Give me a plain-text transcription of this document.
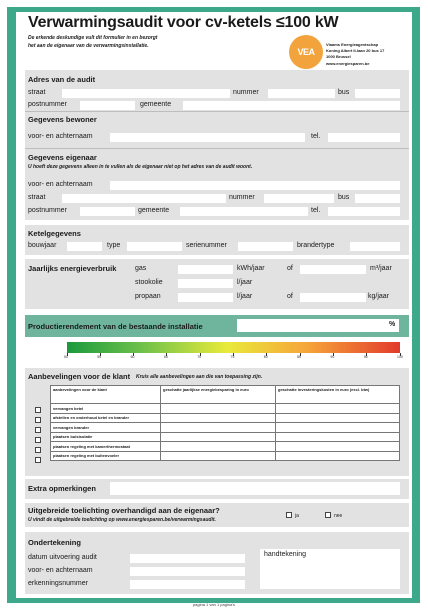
Verwarmingsaudit voor cv-ketels ≤100 kW
De erkende deskundige vult dit formulier in en bezorgt
het aan de eigenaar van de verwarmingsinstallatie.
VEA
Vlaams Energieagentschap
Koning Albert II-laan 20 bus 17
1000 Brussel
www.energiesparen.be
Adres van de audit
straat	nummer	bus
postnummer	gemeente
Gegevens bewoner
voor- en achternaam	tel.
Gegevens eigenaar
U hoeft deze gegevens alleen in te vullen als de eigenaar niet op het adres van de audit woont.
voor- en achternaam
straat	nummer	bus
postnummer	gemeente	tel.
Ketelgegevens
bouwjaar	type	serienummer	brandertype
Jaarlijks energieverbruik	gas	kWh/jaar	of	m³/jaar
stookolie	l/jaar
propaan	l/jaar	of	kg/jaar
Productierendement van de bestaande installatie	%
50	55	60	65	70	75	80	85	90	95	100
Aanbevelingen voor de klant Kruis alle aanbevelingen aan die van toepassing zijn.
aanbevelingen voor de klant	geschatte jaarlijkse energiebesparing in euro	geschatte investeringskosten in euro (excl. btw)
vervangen ketel		
afstellen en onderhoud ketel en brander		
vervangen brander		
plaatsen buisisolatie		
plaatsen regeling met kamerthermostaat		
plaatsen regeling met buitenvoeler		
Extra opmerkingen
Uitgebreide toelichting overhandigd aan de eigenaar?
U vindt de uitgebreide toelichting op www.energiesparen.be/verwarmingsaudit.
ja	nee
Ondertekening
datum uitvoering audit
voor- en achternaam
erkenningsnummer
handtekening
pagina 1 van 1 pagina's
